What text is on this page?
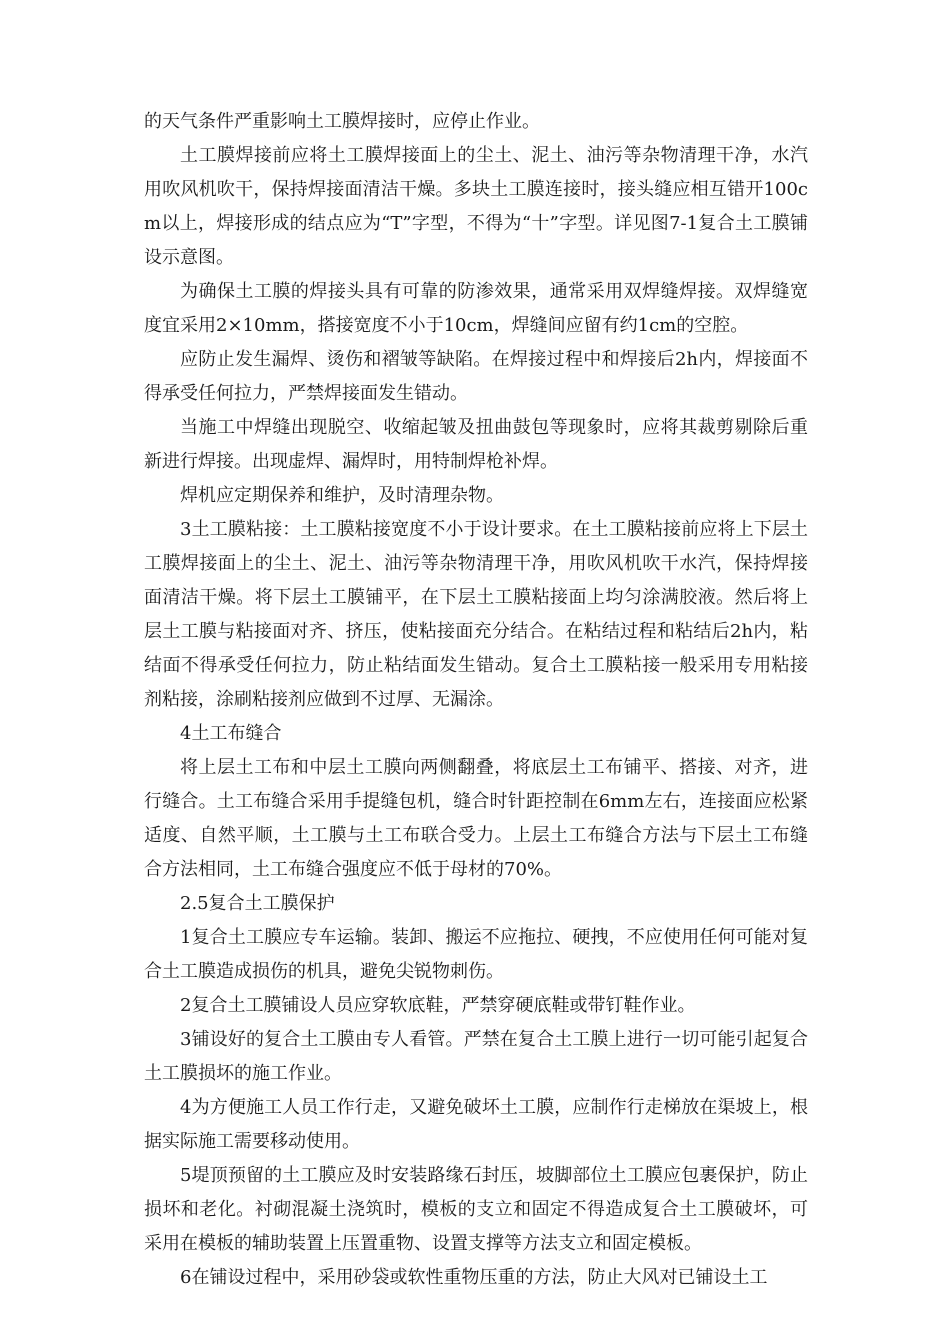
的天气条件严重影响土工膜焊接时，应停止作业。

土工膜焊接前应将土工膜焊接面上的尘土、泥土、油污等杂物清理干净，水汽用吹风机吹干，保持焊接面清洁干燥。多块土工膜连接时，接头缝应相互错开100cm以上，焊接形成的结点应为“T”字型，不得为“十”字型。详见图7-1复合土工膜铺设示意图。

为确保土工膜的焊接头具有可靠的防渗效果，通常采用双焊缝焊接。双焊缝宽度宜采用2×10mm，搭接宽度不小于10cm，焊缝间应留有约1cm的空腔。

应防止发生漏焊、烫伤和褶皱等缺陷。在焊接过程中和焊接后2h内，焊接面不得承受任何拉力，严禁焊接面发生错动。

当施工中焊缝出现脱空、收缩起皱及扭曲鼓包等现象时，应将其裁剪剔除后重新进行焊接。出现虚焊、漏焊时，用特制焊枪补焊。

焊机应定期保养和维护，及时清理杂物。

3土工膜粘接：土工膜粘接宽度不小于设计要求。在土工膜粘接前应将上下层土工膜焊接面上的尘土、泥土、油污等杂物清理干净，用吹风机吹干水汽，保持焊接面清洁干燥。将下层土工膜铺平，在下层土工膜粘接面上均匀涂满胶液。然后将上层土工膜与粘接面对齐、挤压，使粘接面充分结合。在粘结过程和粘结后2h内，粘结面不得承受任何拉力，防止粘结面发生错动。复合土工膜粘接一般采用专用粘接剂粘接，涂刷粘接剂应做到不过厚、无漏涂。

4土工布缝合

将上层土工布和中层土工膜向两侧翻叠，将底层土工布铺平、搭接、对齐，进行缝合。土工布缝合采用手提缝包机，缝合时针距控制在6mm左右，连接面应松紧适度、自然平顺，土工膜与土工布联合受力。上层土工布缝合方法与下层土工布缝合方法相同，土工布缝合强度应不低于母材的70%。

2.5复合土工膜保护

1复合土工膜应专车运输。装卸、搬运不应拖拉、硬拽，不应使用任何可能对复合土工膜造成损伤的机具，避免尖锐物刺伤。

2复合土工膜铺设人员应穿软底鞋，严禁穿硬底鞋或带钉鞋作业。

3铺设好的复合土工膜由专人看管。严禁在复合土工膜上进行一切可能引起复合土工膜损坏的施工作业。

4为方便施工人员工作行走，又避免破坏土工膜，应制作行走梯放在渠坡上，根据实际施工需要移动使用。

5堤顶预留的土工膜应及时安装路缘石封压，坡脚部位土工膜应包裹保护，防止损坏和老化。衬砌混凝土浇筑时，模板的支立和固定不得造成复合土工膜破坏，可采用在模板的辅助装置上压置重物、设置支撑等方法支立和固定模板。

6在铺设过程中，采用砂袋或软性重物压重的方法，防止大风对已铺设土工
